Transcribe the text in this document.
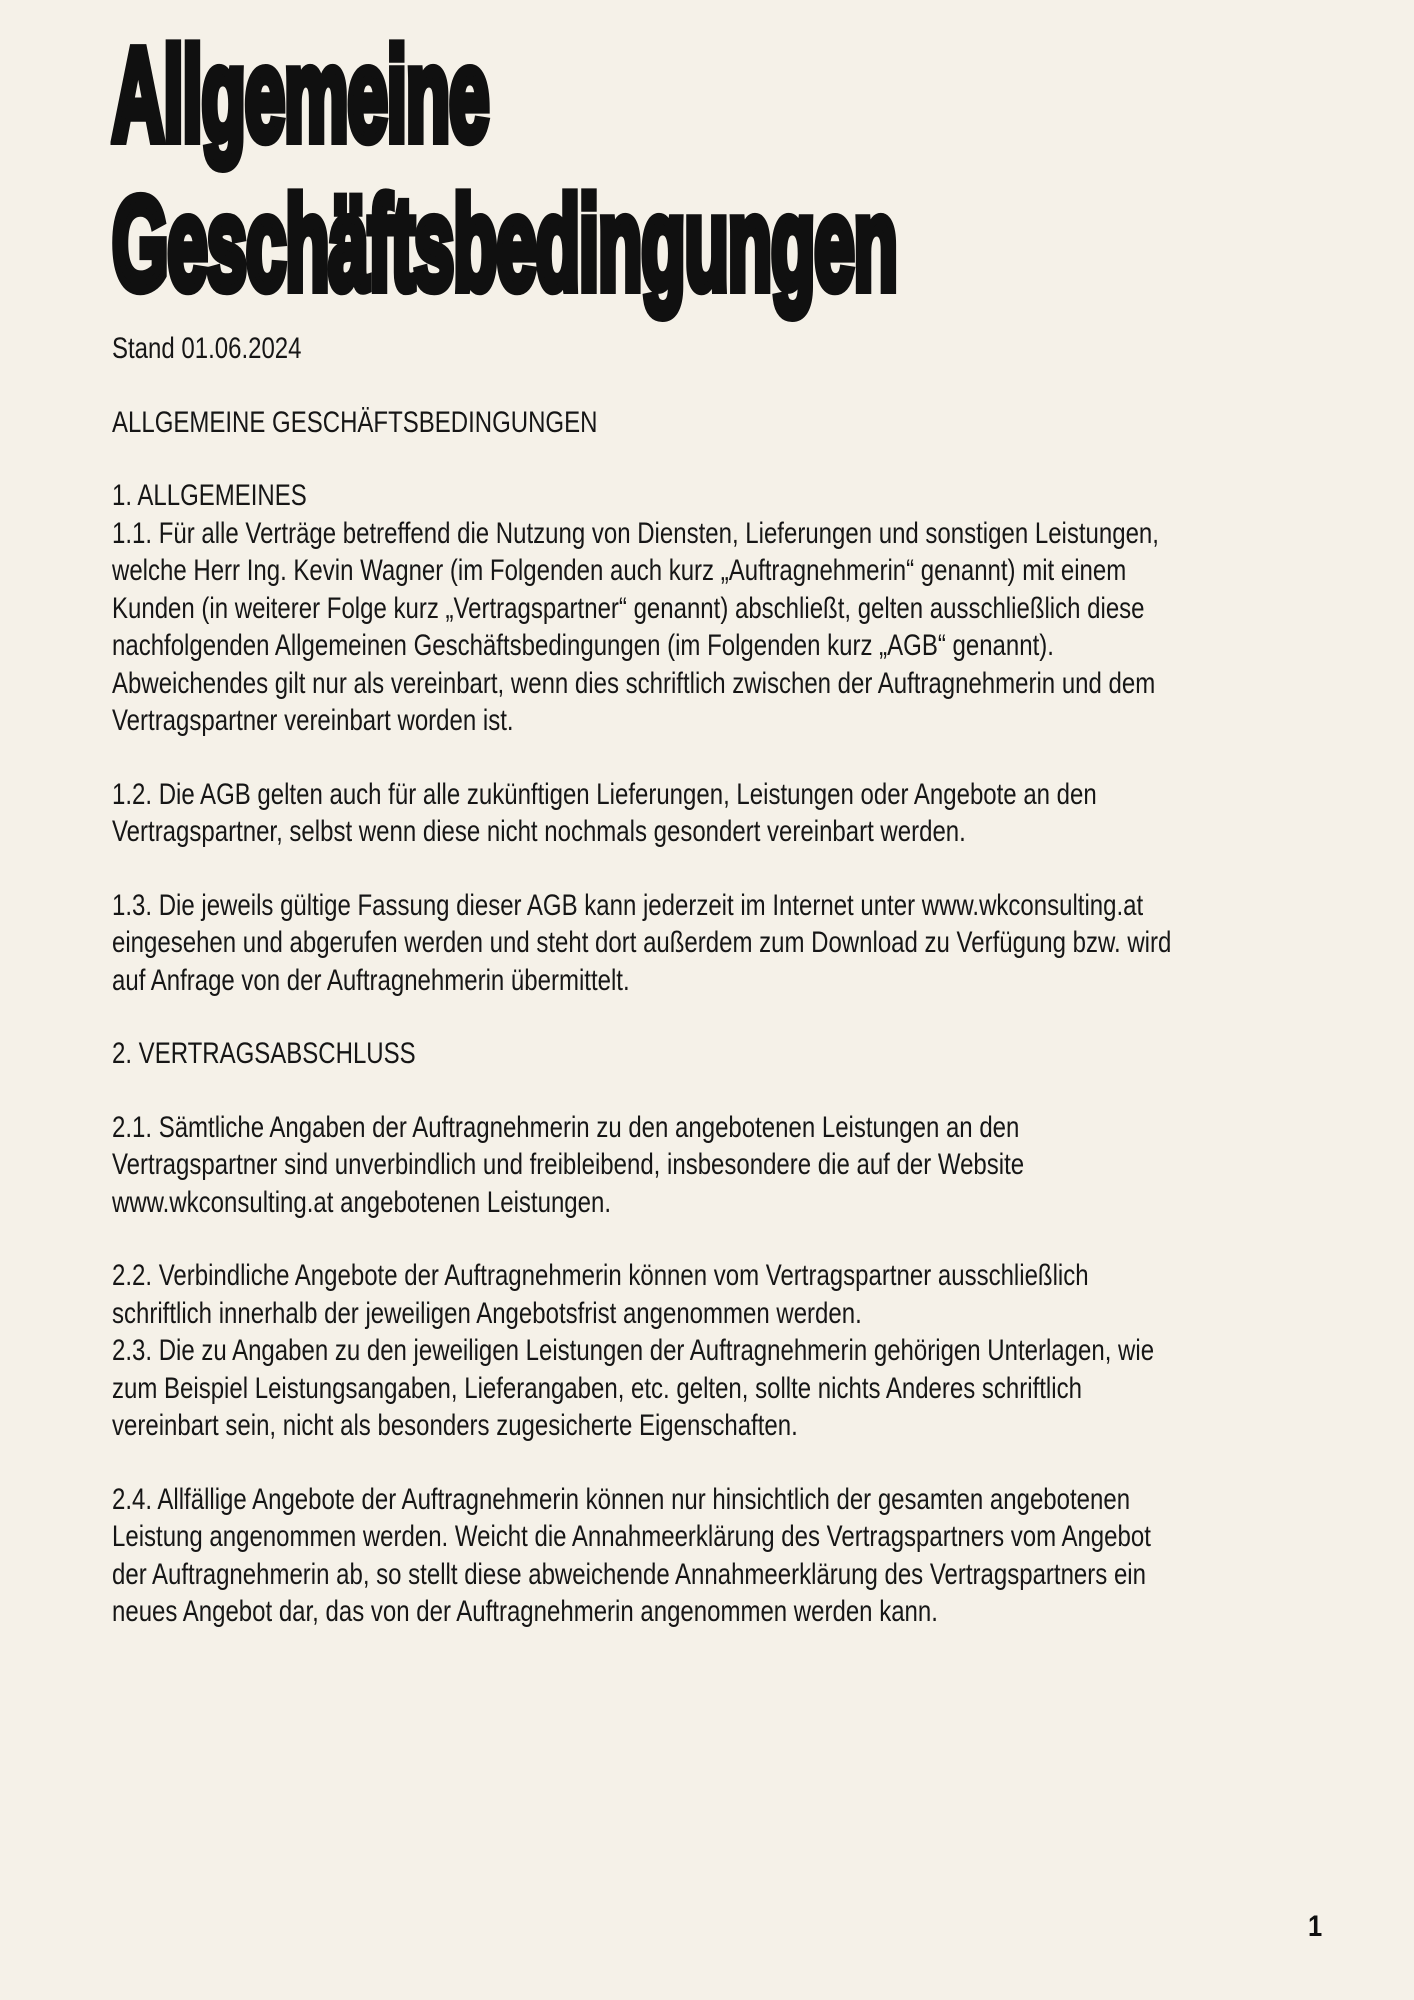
Allgemeine Geschäftsbedingungen

Stand 01.06.2024

ALLGEMEINE GESCHÄFTSBEDINGUNGEN

1. ALLGEMEINES

1.1. Für alle Verträge betreffend die Nutzung von Diensten, Lieferungen und sonstigen Leistungen, welche Herr Ing. Kevin Wagner (im Folgenden auch kurz „Auftragnehmerin“ genannt) mit einem Kunden (in weiterer Folge kurz „Vertragspartner“ genannt) abschließt, gelten ausschließlich diese nachfolgenden Allgemeinen Geschäftsbedingungen (im Folgenden kurz „AGB“ genannt). Abweichendes gilt nur als vereinbart, wenn dies schriftlich zwischen der Auftragnehmerin und dem Vertragspartner vereinbart worden ist.

1.2. Die AGB gelten auch für alle zukünftigen Lieferungen, Leistungen oder Angebote an den Vertragspartner, selbst wenn diese nicht nochmals gesondert vereinbart werden.

1.3. Die jeweils gültige Fassung dieser AGB kann jederzeit im Internet unter www.wkconsulting.at eingesehen und abgerufen werden und steht dort außerdem zum Download zu Verfügung bzw. wird auf Anfrage von der Auftragnehmerin übermittelt.

2. VERTRAGSABSCHLUSS

2.1. Sämtliche Angaben der Auftragnehmerin zu den angebotenen Leistungen an den Vertragspartner sind unverbindlich und freibleibend, insbesondere die auf der Website www.wkconsulting.at angebotenen Leistungen.

2.2. Verbindliche Angebote der Auftragnehmerin können vom Vertragspartner ausschließlich schriftlich innerhalb der jeweiligen Angebotsfrist angenommen werden.

2.3. Die zu Angaben zu den jeweiligen Leistungen der Auftragnehmerin gehörigen Unterlagen, wie zum Beispiel Leistungsangaben, Lieferangaben, etc. gelten, sollte nichts Anderes schriftlich vereinbart sein, nicht als besonders zugesicherte Eigenschaften.

2.4. Allfällige Angebote der Auftragnehmerin können nur hinsichtlich der gesamten angebotenen Leistung angenommen werden. Weicht die Annahmeerklärung des Vertragspartners vom Angebot der Auftragnehmerin ab, so stellt diese abweichende Annahmeerklärung des Vertragspartners ein neues Angebot dar, das von der Auftragnehmerin angenommen werden kann.

1
